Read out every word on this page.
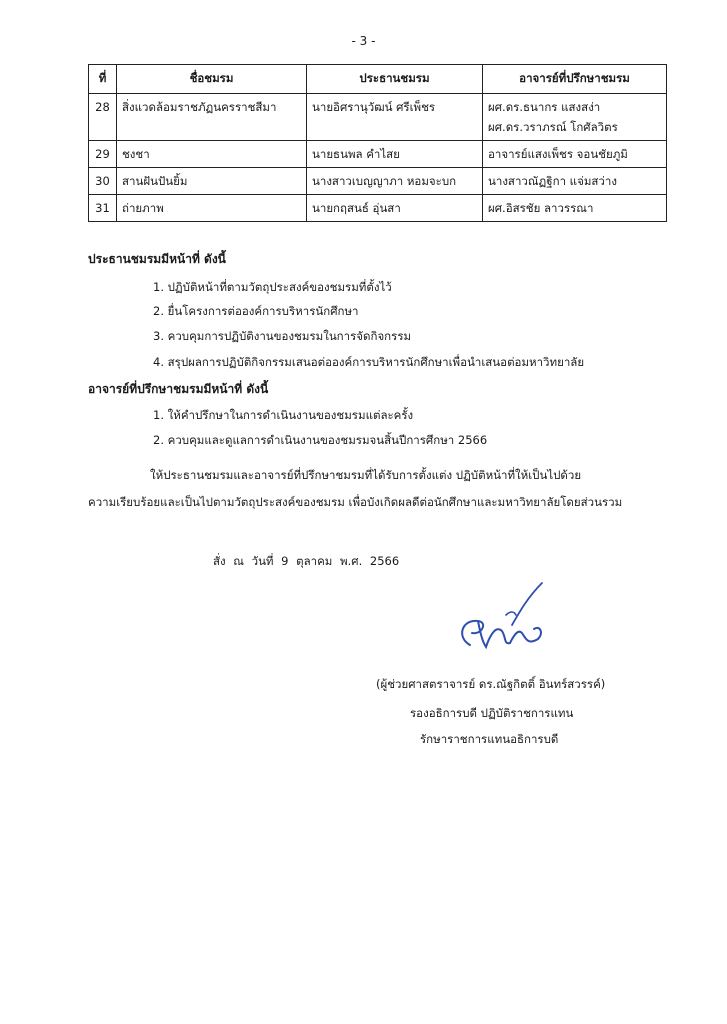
- 3 -
ที่	ชื่อชมรม	ประธานชมรม	อาจารย์ที่ปรึกษาชมรม
28	สิ่งแวดล้อมราชภัฏนครราชสีมา	นายอิศรานุวัฒน์ ศรีเพ็ชร	ผศ.ดร.ธนากร แสงสง่า
ผศ.ดร.วราภรณ์ โกศัลวิตร

29	ชงชา	นายธนพล คำไสย	อาจารย์แสงเพ็ชร จอนชัยภูมิ
30	สานฝันปันยิ้ม	นางสาวเบญญาภา หอมจะบก	นางสาวณัฏฐิกา แจ่มสว่าง
31	ถ่ายภาพ	นายกฤสนธ์ อุ่นสา	ผศ.อิสรชัย ลาวรรณา
ประธานชมรมมีหน้าที่ ดังนี้
1. ปฏิบัติหน้าที่ตามวัตถุประสงค์ของชมรมที่ตั้งไว้
2. ยื่นโครงการต่อองค์การบริหารนักศึกษา
3. ควบคุมการปฏิบัติงานของชมรมในการจัดกิจกรรม
4. สรุปผลการปฏิบัติกิจกรรมเสนอต่อองค์การบริหารนักศึกษาเพื่อนำเสนอต่อมหาวิทยาลัย
อาจารย์ที่ปรึกษาชมรมมีหน้าที่ ดังนี้
1. ให้คำปรึกษาในการดำเนินงานของชมรมแต่ละครั้ง
2. ควบคุมและดูแลการดำเนินงานของชมรมจนสิ้นปีการศึกษา 2566
ให้ประธานชมรมและอาจารย์ที่ปรึกษาชมรมที่ได้รับการตั้งแต่ง ปฏิบัติหน้าที่ให้เป็นไปด้วย
ความเรียบร้อยและเป็นไปตามวัตถุประสงค์ของชมรม เพื่อบังเกิดผลดีต่อนักศึกษาและมหาวิทยาลัยโดยส่วนรวม
สั่ง ณ วันที่ 9 ตุลาคม พ.ศ. 2566
(ผู้ช่วยศาสตราจารย์ ดร.ณัฐกิตติ์ อินทร์สวรรค์)
รองอธิการบดี ปฏิบัติราชการแทน
รักษาราชการแทนอธิการบดี
